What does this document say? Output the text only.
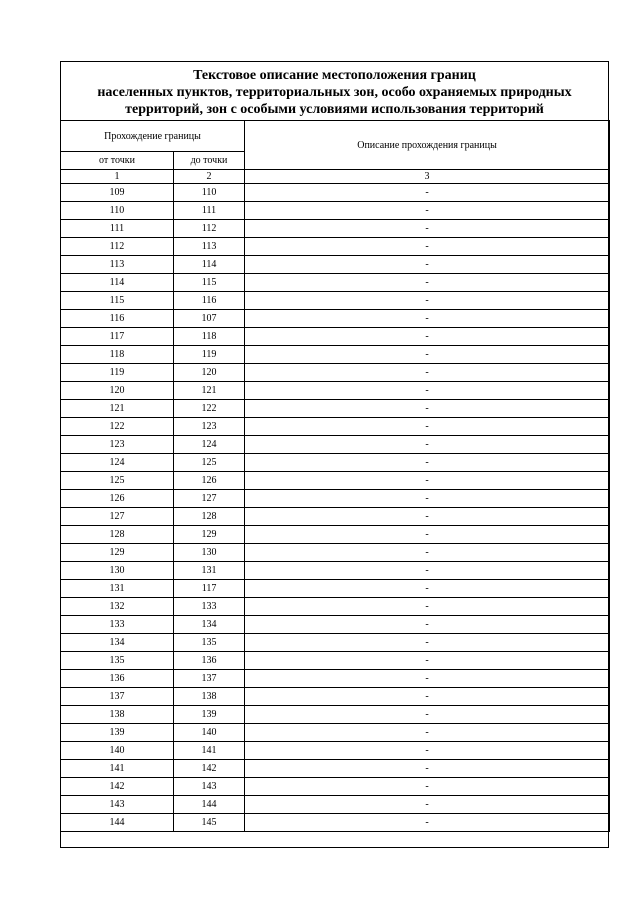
Текстовое описание местоположения границ
населенных пунктов, территориальных зон, особо охраняемых природных
территорий, зон с особыми условиями использования территорий
Прохождение границы		Описание прохождения границы
от точки	до точки	
1	2	3
109	110	-
110	111	-
111	112	-
112	113	-
113	114	-
114	115	-
115	116	-
116	107	-
117	118	-
118	119	-
119	120	-
120	121	-
121	122	-
122	123	-
123	124	-
124	125	-
125	126	-
126	127	-
127	128	-
128	129	-
129	130	-
130	131	-
131	117	-
132	133	-
133	134	-
134	135	-
135	136	-
136	137	-
137	138	-
138	139	-
139	140	-
140	141	-
141	142	-
142	143	-
143	144	-
144	145	-
